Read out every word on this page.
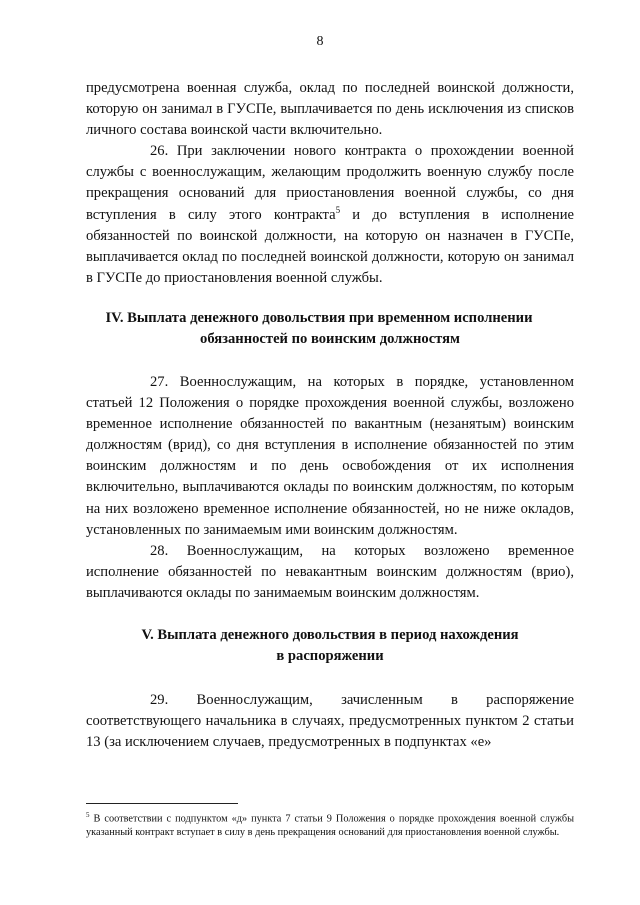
8

предусмотрена военная служба, оклад по последней воинской должности, которую он занимал в ГУСПе, выплачивается по день исключения из списков личного состава воинской части включительно.

26. При заключении нового контракта о прохождении военной службы с военнослужащим, желающим продолжить военную службу после прекращения оснований для приостановления военной службы, со дня вступления в силу этого контракта$^5$ и до вступления в исполнение обязанностей по воинской должности, на которую он назначен в ГУСПе, выплачивается оклад по последней воинской должности, которую он занимал в ГУСПе до приостановления военной службы.

IV. Выплата денежного довольствия при временном исполнении
обязанностей по воинским должностям

27. Военнослужащим, на которых в порядке, установленном статьей 12 Положения о порядке прохождения военной службы, возложено временное исполнение обязанностей по вакантным (незанятым) воинским должностям (врид), со дня вступления в исполнение обязанностей по этим воинским должностям и по день освобождения от их исполнения включительно, выплачиваются оклады по воинским должностям, по которым на них возложено временное исполнение обязанностей, но не ниже окладов, установленных по занимаемым ими воинским должностям.

28. Военнослужащим, на которых возложено временное исполнение обязанностей по невакантным воинским должностям (врио), выплачиваются оклады по занимаемым воинским должностям.

V. Выплата денежного довольствия в период нахождения
в распоряжении

29. Военнослужащим, зачисленным в распоряжение соответствующего начальника в случаях, предусмотренных пунктом 2 статьи 13 (за исключением случаев, предусмотренных в подпунктах «е»

$^5$ В соответствии с подпунктом «д» пункта 7 статьи 9 Положения о порядке прохождения военной службы указанный контракт вступает в силу в день прекращения оснований для приостановления военной службы.
